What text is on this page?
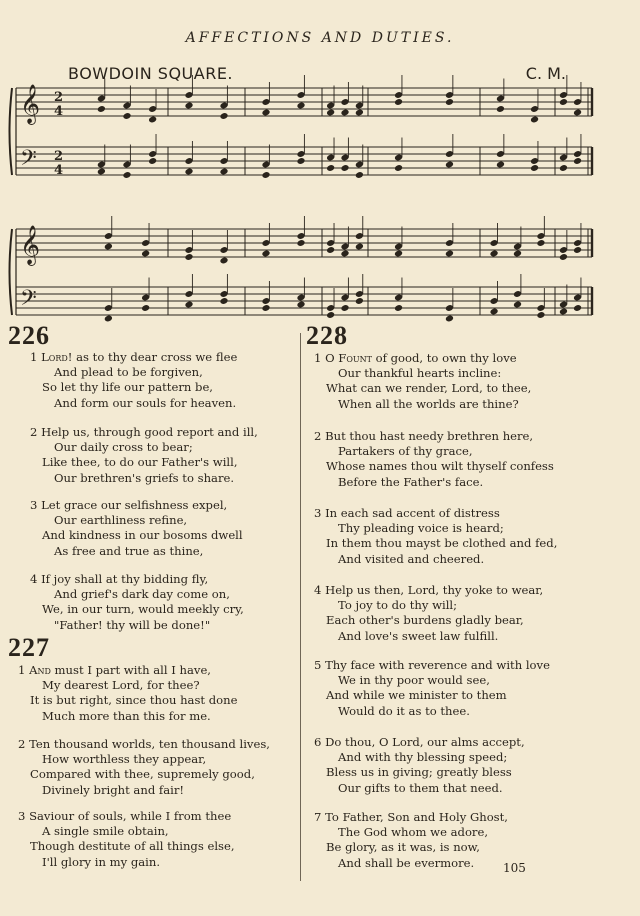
AFFECTIONS AND DUTIES.
BOWDOIN SQUARE.	C. M.
𝄞
𝄢
2
4
2
4
𝄞
𝄢
226
227
228
1 Lord! as to thy dear cross we flee
And plead to be forgiven,
So let thy life our pattern be,
And form our souls for heaven.
2 Help us, through good report and ill,
Our daily cross to bear;
Like thee, to do our Father's will,
Our brethren's griefs to share.
3 Let grace our selfishness expel,
Our earthliness refine,
And kindness in our bosoms dwell
As free and true as thine,
4 If joy shall at thy bidding fly,
And grief's dark day come on,
We, in our turn, would meekly cry,
"Father! thy will be done!"
1 And must I part with all I have,
My dearest Lord, for thee?
It is but right, since thou hast done
Much more than this for me.
2 Ten thousand worlds, ten thousand lives,
How worthless they appear,
Compared with thee, supremely good,
Divinely bright and fair!
3 Saviour of souls, while I from thee
A single smile obtain,
Though destitute of all things else,
I'll glory in my gain.
1 O Fount of good, to own thy love
Our thankful hearts incline:
What can we render, Lord, to thee,
When all the worlds are thine?
2 But thou hast needy brethren here,
Partakers of thy grace,
Whose names thou wilt thyself confess
Before the Father's face.
3 In each sad accent of distress
Thy pleading voice is heard;
In them thou mayst be clothed and fed,
And visited and cheered.
4 Help us then, Lord, thy yoke to wear,
To joy to do thy will;
Each other's burdens gladly bear,
And love's sweet law fulfill.
5 Thy face with reverence and with love
We in thy poor would see,
And while we minister to them
Would do it as to thee.
6 Do thou, O Lord, our alms accept,
And with thy blessing speed;
Bless us in giving; greatly bless
Our gifts to them that need.
7 To Father, Son and Holy Ghost,
The God whom we adore,
Be glory, as it was, is now,
And shall be evermore.	105
